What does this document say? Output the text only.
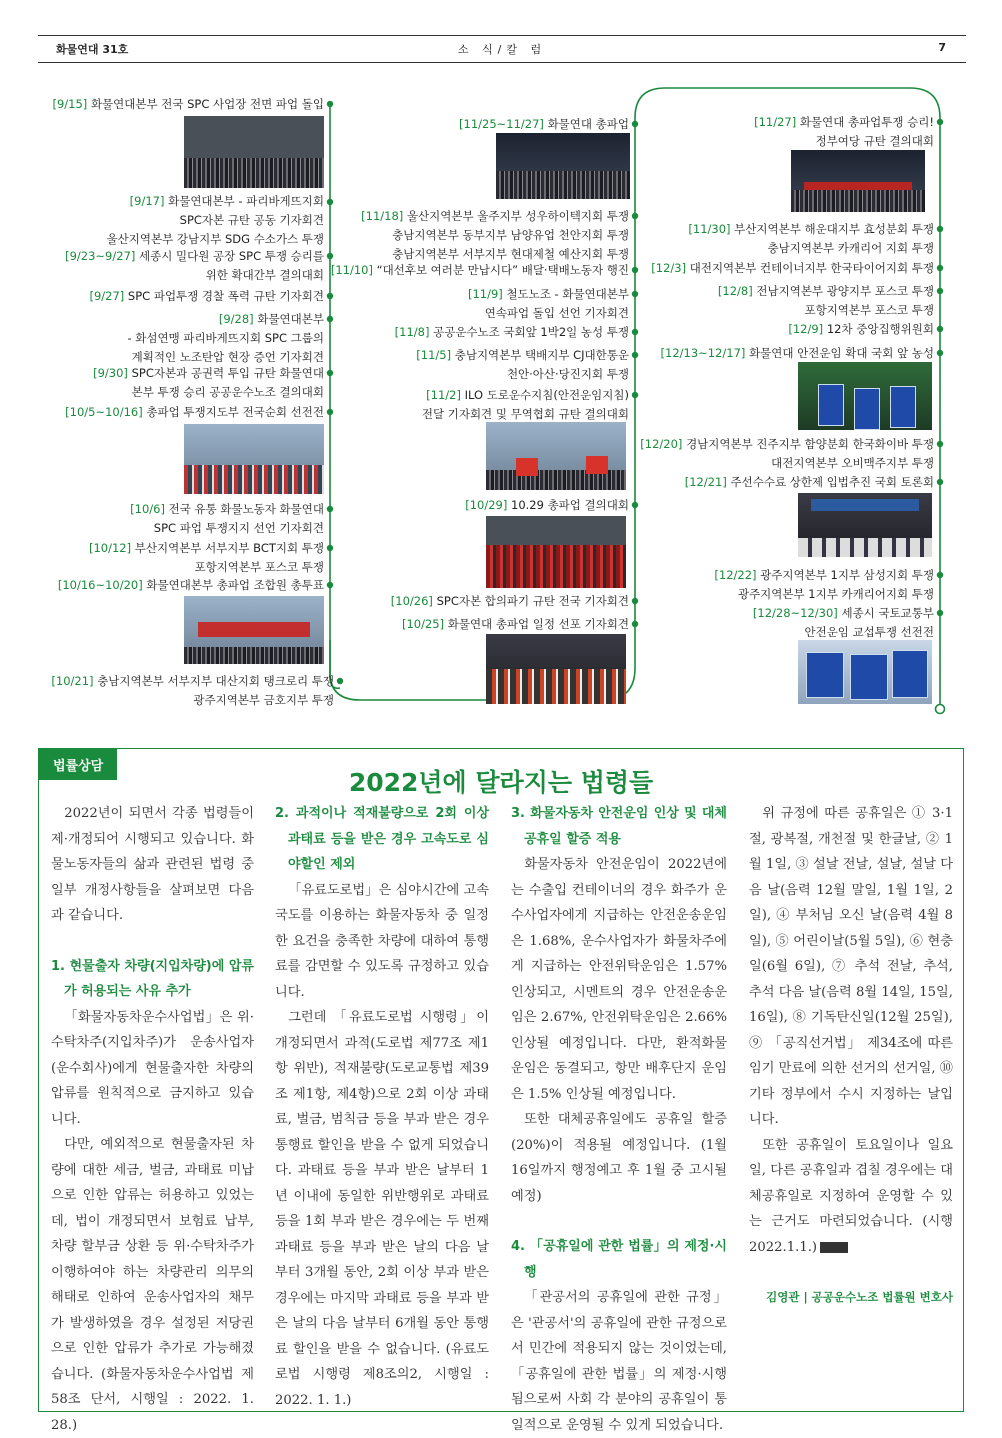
화물연대 31호	소 식/칼 럼	7
[9/15] 화물연대본부 전국 SPC 사업장 전면 파업 돌입
[9/17] 화물연대본부 - 파리바게뜨지회
SPC자본 규탄 공동 기자회견
울산지역본부 강남지부 SDG 수소가스 투쟁
[9/23~9/27] 세종시 밀다원 공장 SPC 투쟁 승리를
위한 확대간부 결의대회
[9/27] SPC 파업투쟁 경찰 폭력 규탄 기자회견
[9/28] 화물연대본부
- 화섬연맹 파리바게뜨지회 SPC 그룹의
계획적인 노조탄압 현장 증언 기자회견
[9/30] SPC자본과 공권력 투입 규탄 화물연대
본부 투쟁 승리 공공운수노조 결의대회
[10/5~10/16] 총파업 투쟁지도부 전국순회 선전전
[10/6] 전국 유통 화물노동자 화물연대
SPC 파업 투쟁지지 선언 기자회견
[10/12] 부산지역본부 서부지부 BCT지회 투쟁
포항지역본부 포스코 투쟁
[10/16~10/20] 화물연대본부 총파업 조합원 총투표
[10/21] 충남지역본부 서부지부 대산지회 탱크로리 투쟁
광주지역본부 금호지부 투쟁
[11/25~11/27] 화물연대 총파업
[11/18] 울산지역본부 울주지부 성우하이텍지회 투쟁
충남지역본부 동부지부 남양유업 천안지회 투쟁
충남지역본부 서부지부 현대제철 예산지회 투쟁
[11/10] “대선후보 여러분 만납시다” 배달·택배노동자 행진
[11/9] 철도노조 - 화물연대본부
연속파업 돌입 선언 기자회견
[11/8] 공공운수노조 국회앞 1박2일 농성 투쟁
[11/5] 충남지역본부 택배지부 CJ대한통운
천안·아산·당진지회 투쟁
[11/2] ILO 도로운수지침(안전운임지침)
전달 기자회견 및 무역협회 규탄 결의대회
[10/29] 10.29 총파업 결의대회
[10/26] SPC자본 합의파기 규탄 전국 기자회견
[10/25] 화물연대 총파업 일정 선포 기자회견
[11/27] 화물연대 총파업투쟁 승리!
정부여당 규탄 결의대회
[11/30] 부산지역본부 해운대지부 효성분회 투쟁
충남지역본부 카캐리어 지회 투쟁
[12/3] 대전지역본부 컨테이너지부 한국타이어지회 투쟁
[12/8] 전남지역본부 광양지부 포스코 투쟁
포항지역본부 포스코 투쟁
[12/9] 12차 중앙집행위원회
[12/13~12/17] 화물연대 안전운임 확대 국회 앞 농성
[12/20] 경남지역본부 진주지부 함양분회 한국화이바 투쟁
대전지역본부 오비맥주지부 투쟁
[12/21] 주선수수료 상한제 입법추진 국회 토론회
[12/22] 광주지역본부 1지부 삼성지회 투쟁
광주지역본부 1지부 카캐리어지회 투쟁
[12/28~12/30] 세종시 국토교통부
안전운임 교섭투쟁 선전전
법률상담
2022년에 달라지는 법령들

2022년이 되면서 각종 법령들이 제·개정되어 시행되고 있습니다. 화물노동자들의 삶과 관련된 법령 중 일부 개정사항들을 살펴보면 다음과 같습니다.

1. 현물출자 차량(지입차량)에 압류가 허용되는 사유 추가

「화물자동차운수사업법」은 위·수탁차주(지입차주)가 운송사업자(운수회사)에게 현물출자한 차량의 압류를 원칙적으로 금지하고 있습니다.

다만, 예외적으로 현물출자된 차량에 대한 세금, 벌금, 과태료 미납으로 인한 압류는 허용하고 있었는데, 법이 개정되면서 보험료 납부, 차량 할부금 상환 등 위·수탁차주가 이행하여야 하는 차량관리 의무의 해태로 인하여 운송사업자의 채무가 발생하였을 경우 설정된 저당권으로 인한 압류가 추가로 가능해졌습니다. (화물자동차운수사업법 제58조 단서, 시행일 : 2022. 1. 28.)

2. 과적이나 적재불량으로 2회 이상 과태료 등을 받은 경우 고속도로 심야할인 제외

「유료도로법」은 심야시간에 고속국도를 이용하는 화물자동차 중 일정한 요건을 충족한 차량에 대하여 통행료를 감면할 수 있도록 규정하고 있습니다.

그런데 「유료도로법 시행령」이 개정되면서 과적(도로법 제77조 제1항 위반), 적재불량(도로교통법 제39조 제1항, 제4항)으로 2회 이상 과태료, 벌금, 범칙금 등을 부과 받은 경우 통행료 할인을 받을 수 없게 되었습니다. 과태료 등을 부과 받은 날부터 1년 이내에 동일한 위반행위로 과태료 등을 1회 부과 받은 경우에는 두 번째 과태료 등을 부과 받은 날의 다음 날부터 3개월 동안, 2회 이상 부과 받은 경우에는 마지막 과태료 등을 부과 받은 날의 다음 날부터 6개월 동안 통행료 할인을 받을 수 없습니다. (유료도로법 시행령 제8조의2, 시행일 : 2022. 1. 1.)

3. 화물자동차 안전운임 인상 및 대체공휴일 할증 적용

화물자동차 안전운임이 2022년에는 수출입 컨테이너의 경우 화주가 운수사업자에게 지급하는 안전운송운임은 1.68%, 운수사업자가 화물차주에게 지급하는 안전위탁운임은 1.57% 인상되고, 시멘트의 경우 안전운송운임은 2.67%, 안전위탁운임은 2.66% 인상될 예정입니다. 다만, 환적화물 운임은 동결되고, 항만 배후단지 운임은 1.5% 인상될 예정입니다.

또한 대체공휴일에도 공휴일 할증(20%)이 적용될 예정입니다. (1월 16일까지 행정예고 후 1월 중 고시될 예정)

4. 「공휴일에 관한 법률」의 제정·시행

「관공서의 공휴일에 관한 규정」은 '관공서'의 공휴일에 관한 규정으로서 민간에 적용되지 않는 것이었는데, 「공휴일에 관한 법률」의 제정·시행됨으로써 사회 각 분야의 공휴일이 통일적으로 운영될 수 있게 되었습니다.

위 규정에 따른 공휴일은 ① 3·1절, 광복절, 개천절 및 한글날, ② 1월 1일, ③ 설날 전날, 설날, 설날 다음 날(음력 12월 말일, 1월 1일, 2일), ④ 부처님 오신 날(음력 4월 8일), ⑤ 어린이날(5월 5일), ⑥ 현충일(6월 6일), ⑦ 추석 전날, 추석, 추석 다음 날(음력 8월 14일, 15일, 16일), ⑧ 기독탄신일(12월 25일), ⑨ 「공직선거법」 제34조에 따른 임기 만료에 의한 선거의 선거일, ⑩ 기타 정부에서 수시 지정하는 날입니다.

또한 공휴일이 토요일이나 일요일, 다른 공휴일과 겹칠 경우에는 대체공휴일로 지정하여 운영할 수 있는 근거도 마련되었습니다. (시행 2022.1.1.)

김영관 | 공공운수노조 법률원 변호사
